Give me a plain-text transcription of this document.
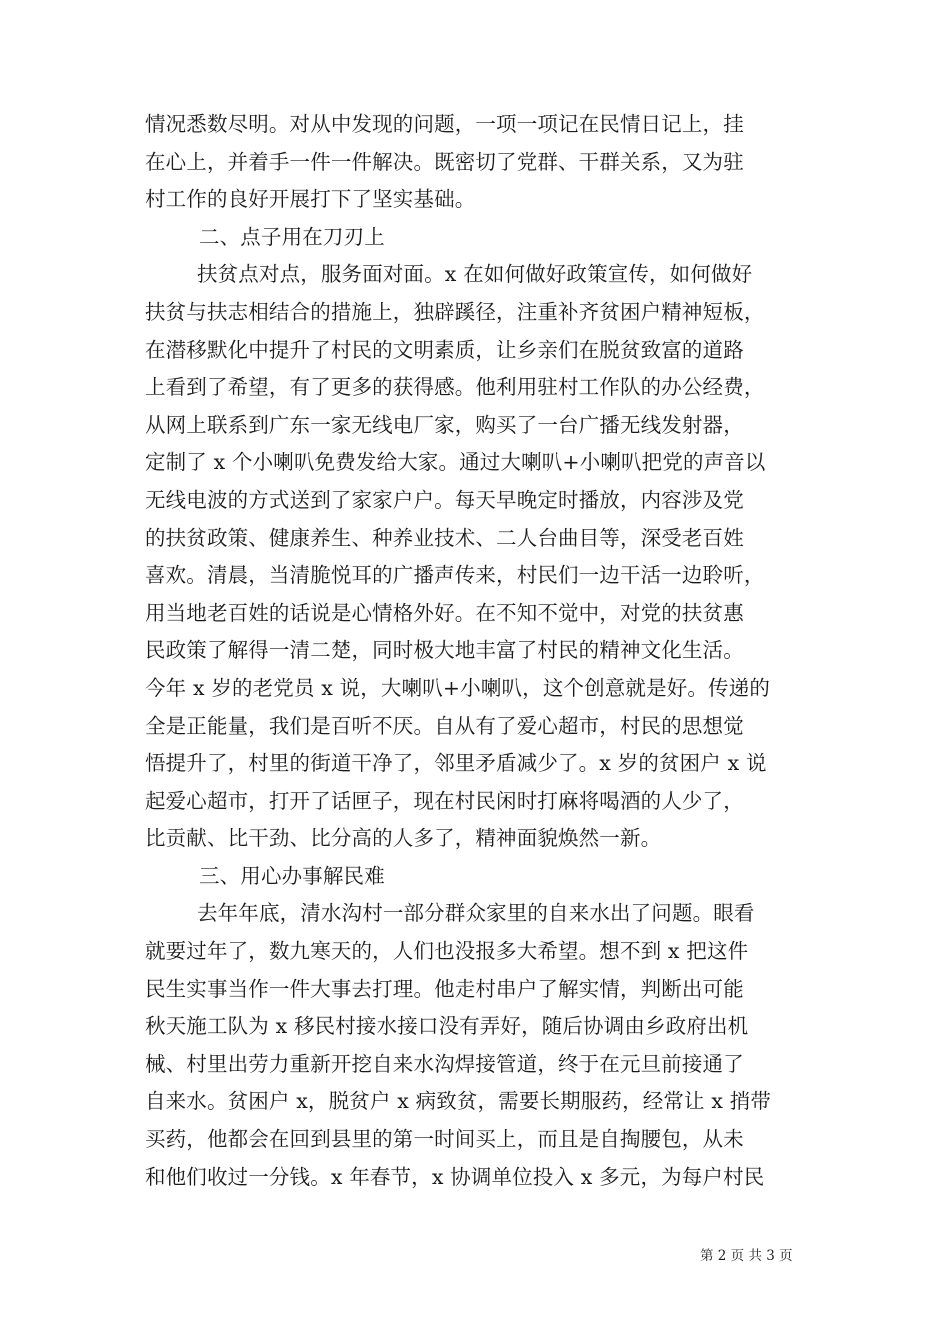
情况悉数尽明。对从中发现的问题，一项一项记在民情日记上，挂
在心上，并着手一件一件解决。既密切了党群、干群关系，又为驻
村工作的良好开展打下了坚实基础。
二、点子用在刀刃上
扶贫点对点，服务面对面。x 在如何做好政策宣传，如何做好
扶贫与扶志相结合的措施上，独辟蹊径，注重补齐贫困户精神短板，
在潜移默化中提升了村民的文明素质，让乡亲们在脱贫致富的道路
上看到了希望，有了更多的获得感。他利用驻村工作队的办公经费，
从网上联系到广东一家无线电厂家，购买了一台广播无线发射器，
定制了 x 个小喇叭免费发给大家。通过大喇叭+小喇叭把党的声音以
无线电波的方式送到了家家户户。每天早晚定时播放，内容涉及党
的扶贫政策、健康养生、种养业技术、二人台曲目等，深受老百姓
喜欢。清晨，当清脆悦耳的广播声传来，村民们一边干活一边聆听，
用当地老百姓的话说是心情格外好。在不知不觉中，对党的扶贫惠
民政策了解得一清二楚，同时极大地丰富了村民的精神文化生活。
今年 x 岁的老党员 x 说，大喇叭+小喇叭，这个创意就是好。传递的
全是正能量，我们是百听不厌。自从有了爱心超市，村民的思想觉
悟提升了，村里的街道干净了，邻里矛盾减少了。x 岁的贫困户 x 说
起爱心超市，打开了话匣子，现在村民闲时打麻将喝酒的人少了，
比贡献、比干劲、比分高的人多了，精神面貌焕然一新。
三、用心办事解民难
去年年底，清水沟村一部分群众家里的自来水出了问题。眼看
就要过年了，数九寒天的，人们也没报多大希望。想不到 x 把这件
民生实事当作一件大事去打理。他走村串户了解实情，判断出可能
秋天施工队为 x 移民村接水接口没有弄好，随后协调由乡政府出机
械、村里出劳力重新开挖自来水沟焊接管道，终于在元旦前接通了
自来水。贫困户 x，脱贫户 x 病致贫，需要长期服药，经常让 x 捎带
买药，他都会在回到县里的第一时间买上，而且是自掏腰包，从未
和他们收过一分钱。x 年春节，x 协调单位投入 x 多元，为每户村民
第 2 页 共 3 页
